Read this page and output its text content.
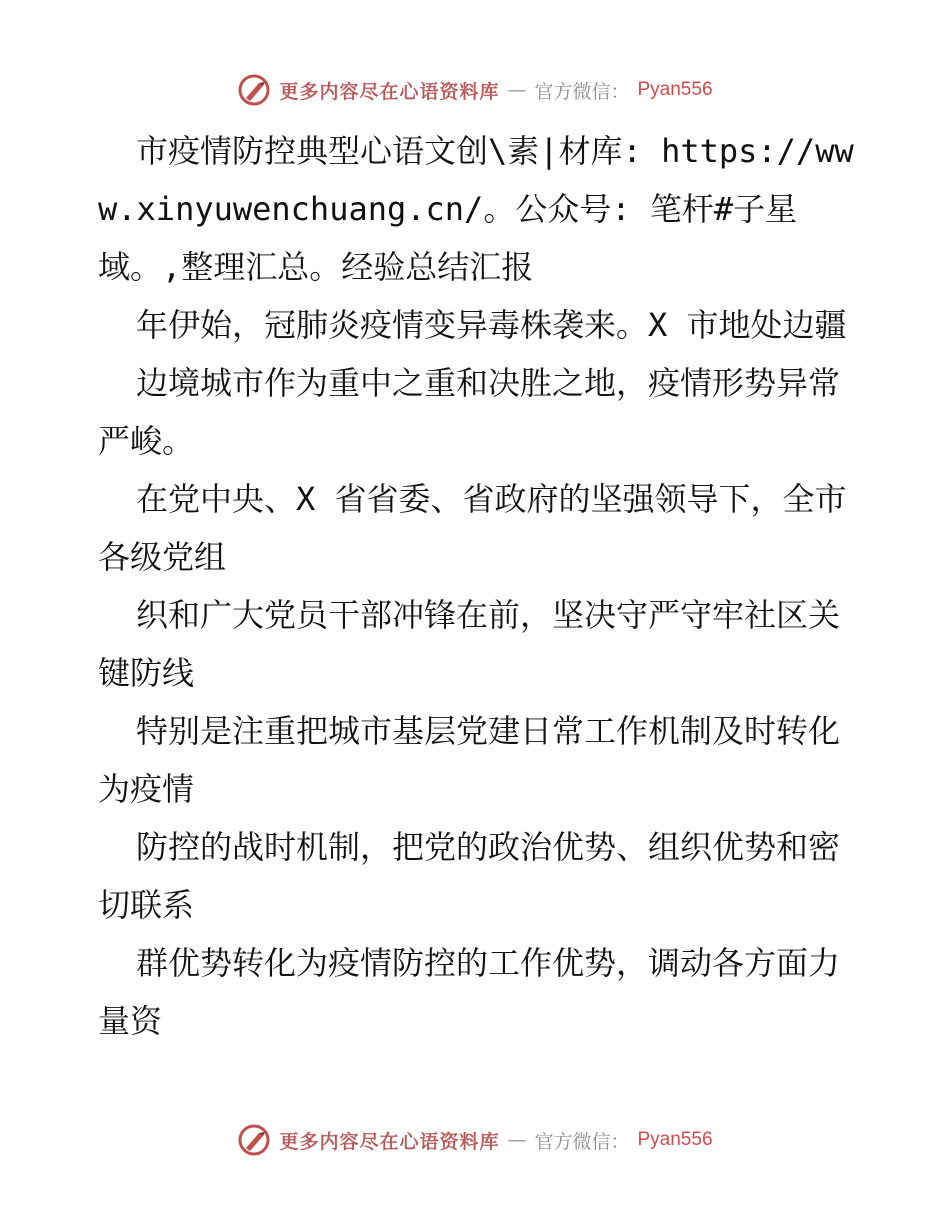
更多内容尽在心语资料库 — 官方微信： Pyan556

市疫情防控典型心语文创\素|材库: https://www.xinyuwenchuang.cn/。公众号: 笔杆#子星域。,整理汇总。经验总结汇报

年伊始，冠肺炎疫情变异毒株袭来。X 市地处边疆

边境城市作为重中之重和决胜之地，疫情形势异常严峻。

在党中央、X 省省委、省政府的坚强领导下，全市各级党组

织和广大党员干部冲锋在前，坚决守严守牢社区关键防线

特别是注重把城市基层党建日常工作机制及时转化为疫情

防控的战时机制，把党的政治优势、组织优势和密切联系

群优势转化为疫情防控的工作优势，调动各方面力量资

更多内容尽在心语资料库 — 官方微信： Pyan556
